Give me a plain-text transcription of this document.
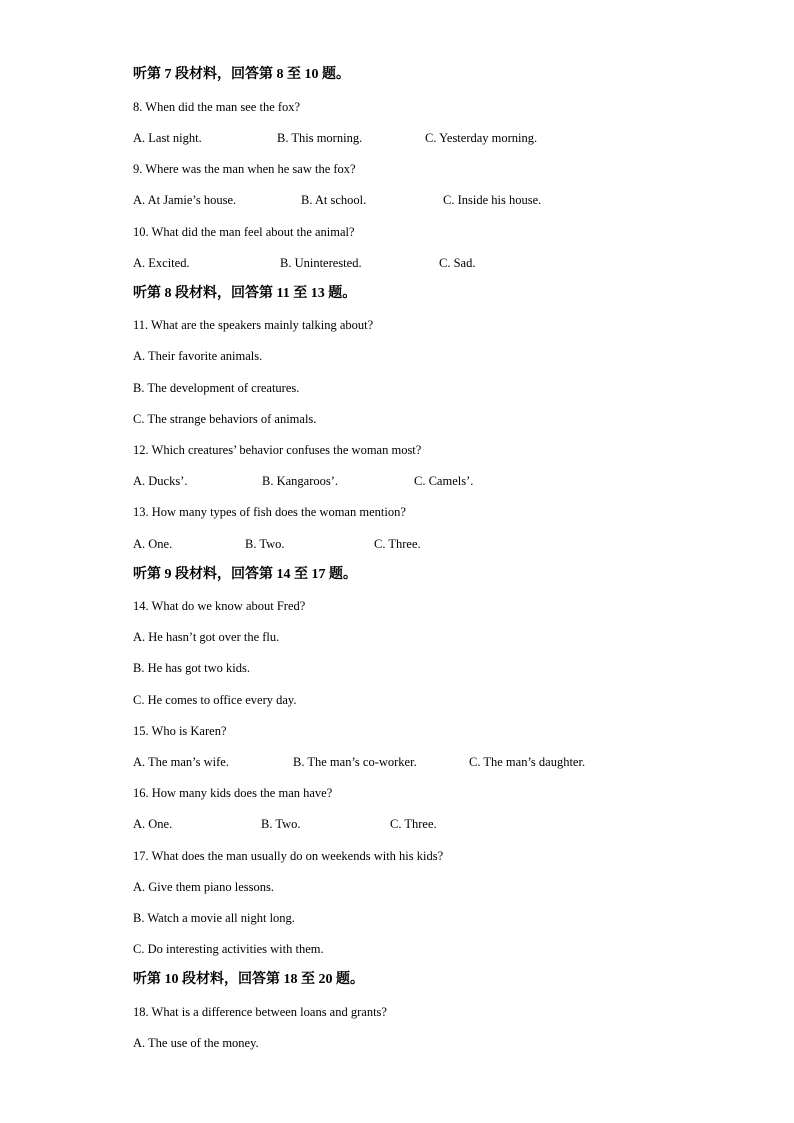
听第 7 段材料，回答第 8 至 10 题。
8. When did the man see the fox?
A. Last night.	B. This morning.	C. Yesterday morning.
9. Where was the man when he saw the fox?
A. At Jamie’s house.	B. At school.	C. Inside his house.
10. What did the man feel about the animal?
A. Excited.	B. Uninterested.	C. Sad.
听第 8 段材料，回答第 11 至 13 题。
11. What are the speakers mainly talking about?
A. Their favorite animals.
B. The development of creatures.
C. The strange behaviors of animals.
12. Which creatures’ behavior confuses the woman most?
A. Ducks’.	B. Kangaroos’.	C. Camels’.
13. How many types of fish does the woman mention?
A. One.	B. Two.	C. Three.
听第 9 段材料，回答第 14 至 17 题。
14. What do we know about Fred?
A. He hasn’t got over the flu.
B. He has got two kids.
C. He comes to office every day.
15. Who is Karen?
A. The man’s wife.	B. The man’s co-worker.	C. The man’s daughter.
16. How many kids does the man have?
A. One.	B. Two.	C. Three.
17. What does the man usually do on weekends with his kids?
A. Give them piano lessons.
B. Watch a movie all night long.
C. Do interesting activities with them.
听第 10 段材料，回答第 18 至 20 题。
18. What is a difference between loans and grants?
A. The use of the money.
